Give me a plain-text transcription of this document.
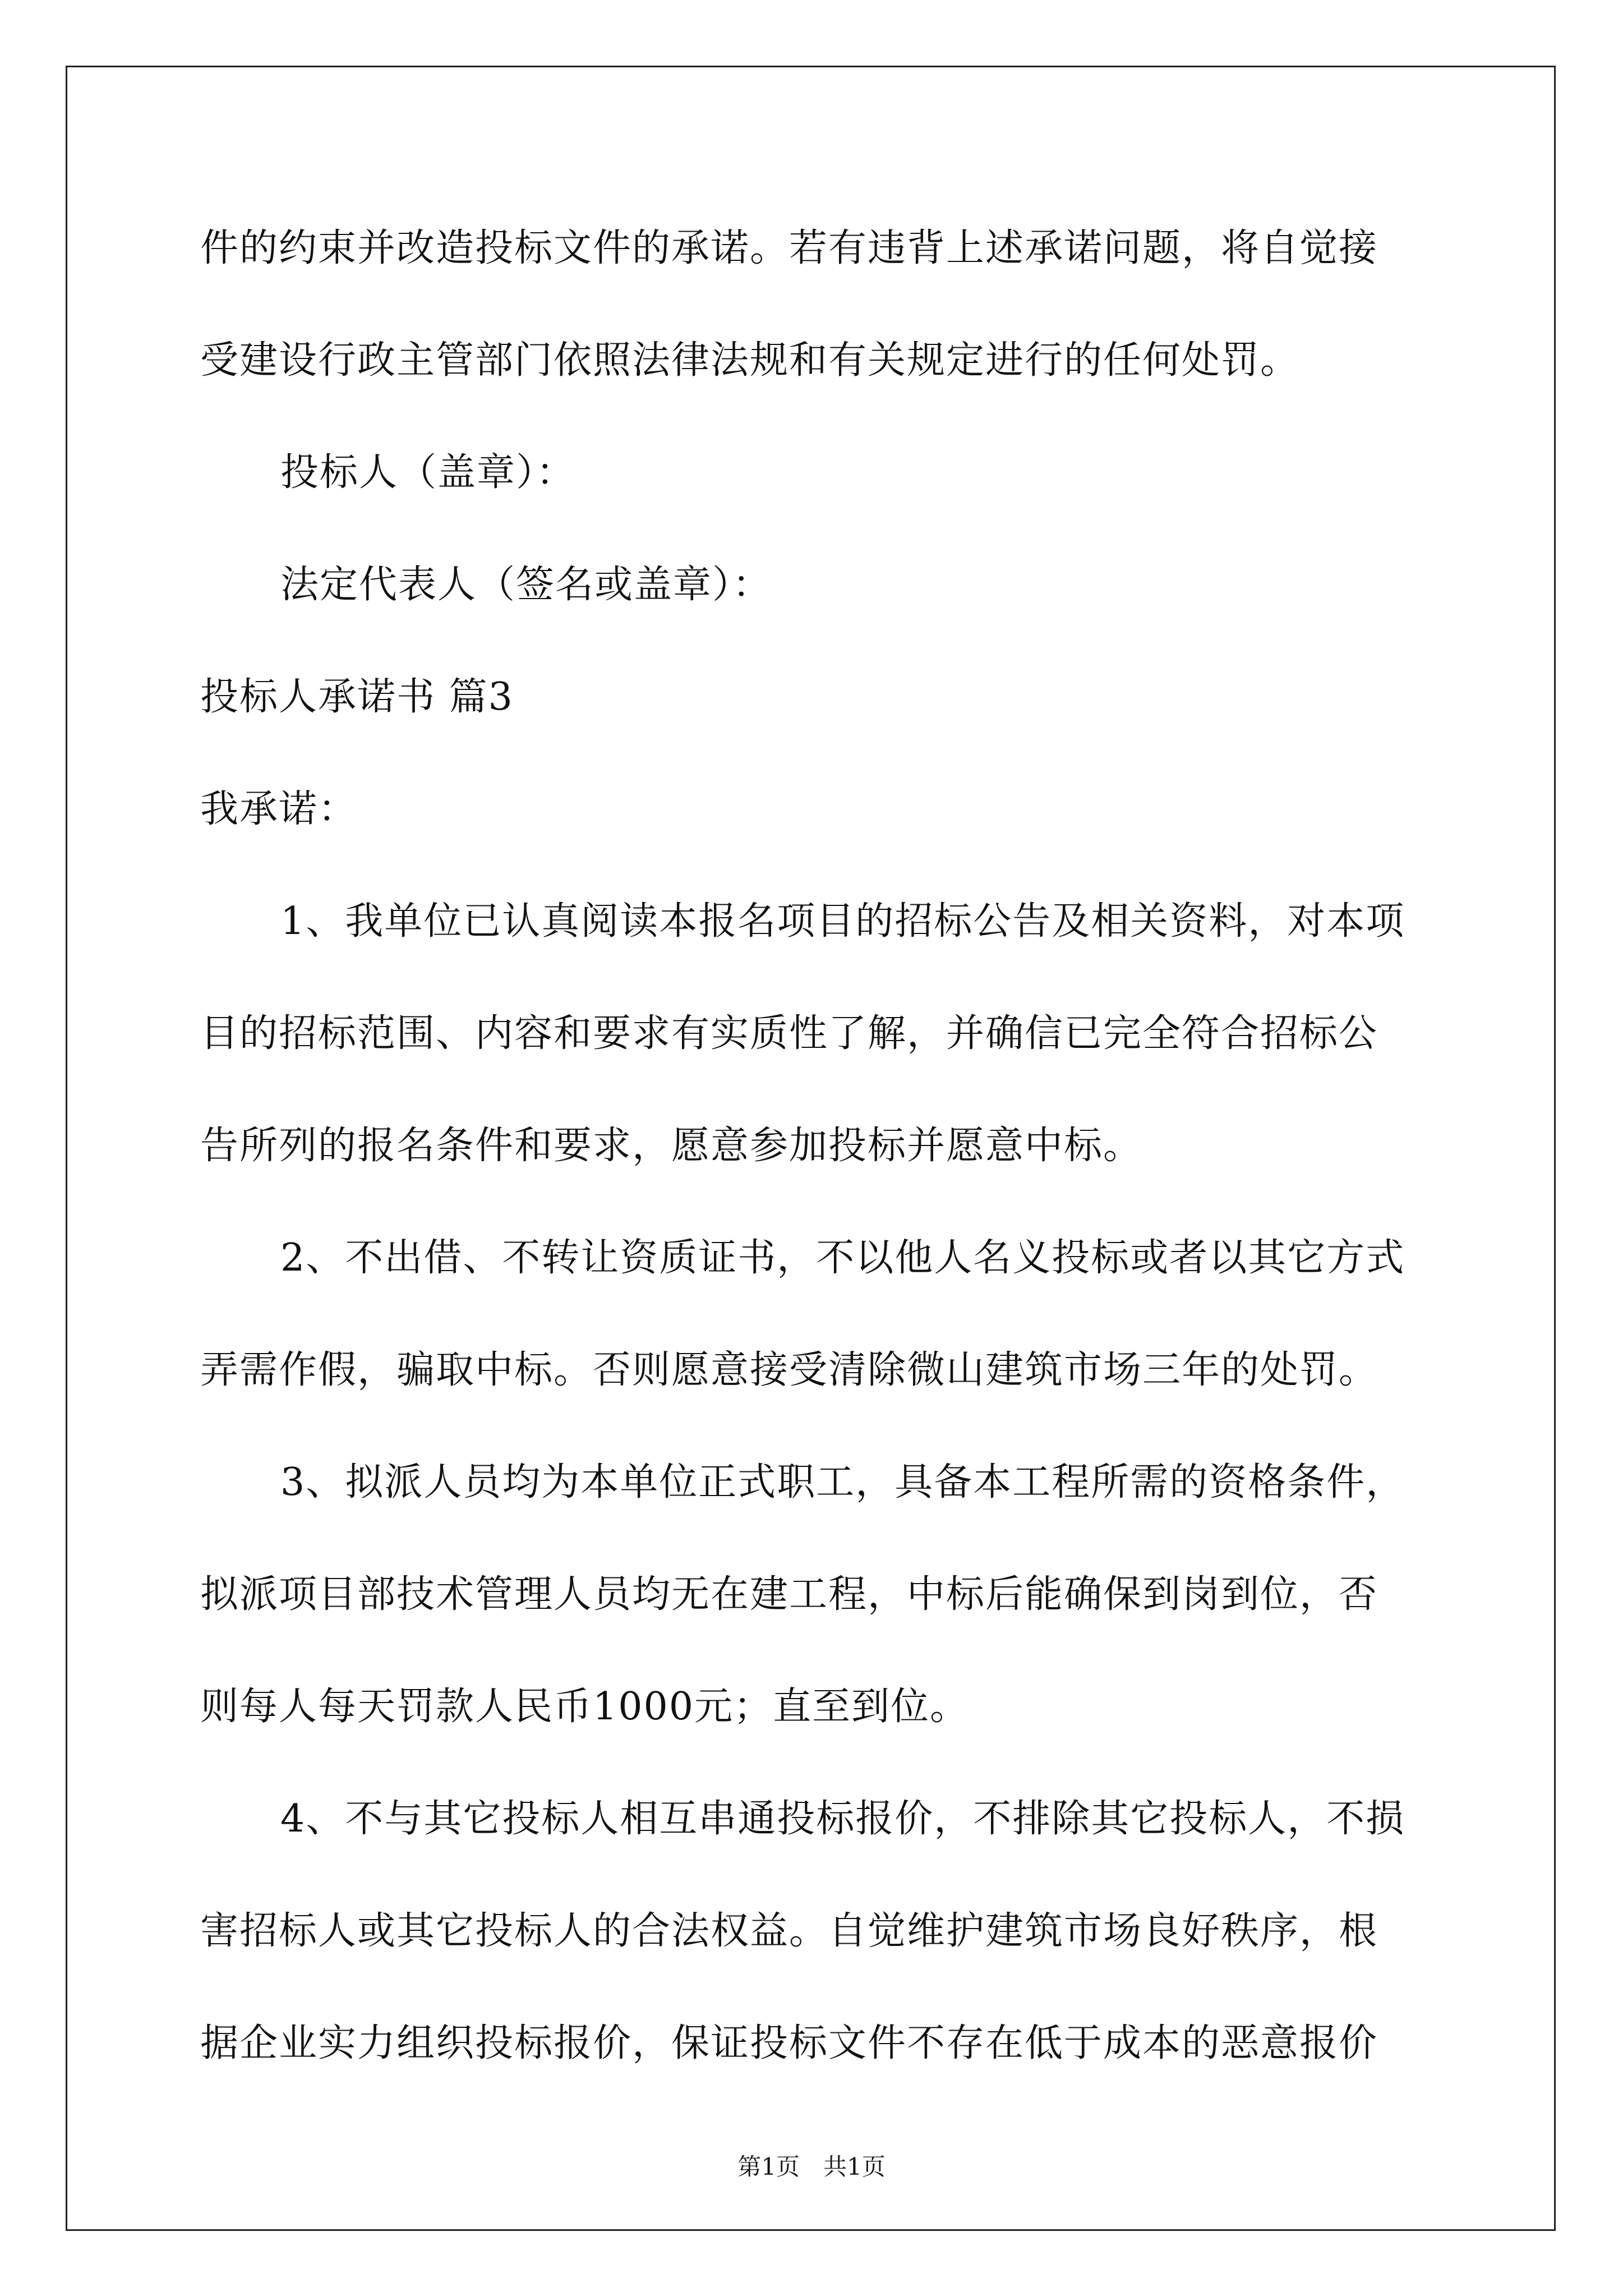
件的约束并改造投标文件的承诺。若有违背上述承诺问题，将自觉接
受建设行政主管部门依照法律法规和有关规定进行的任何处罚。
投标人（盖章）：
法定代表人（签名或盖章）：
投标人承诺书 篇3
我承诺：
1、我单位已认真阅读本报名项目的招标公告及相关资料，对本项
目的招标范围、内容和要求有实质性了解，并确信已完全符合招标公
告所列的报名条件和要求，愿意参加投标并愿意中标。
2、不出借、不转让资质证书，不以他人名义投标或者以其它方式
弄需作假，骗取中标。否则愿意接受清除微山建筑市场三年的处罚。
3、拟派人员均为本单位正式职工，具备本工程所需的资格条件，
拟派项目部技术管理人员均无在建工程，中标后能确保到岗到位，否
则每人每天罚款人民币1000元；直至到位。
4、不与其它投标人相互串通投标报价，不排除其它投标人，不损
害招标人或其它投标人的合法权益。自觉维护建筑市场良好秩序，根
据企业实力组织投标报价，保证投标文件不存在低于成本的恶意报价
第1页　共1页
